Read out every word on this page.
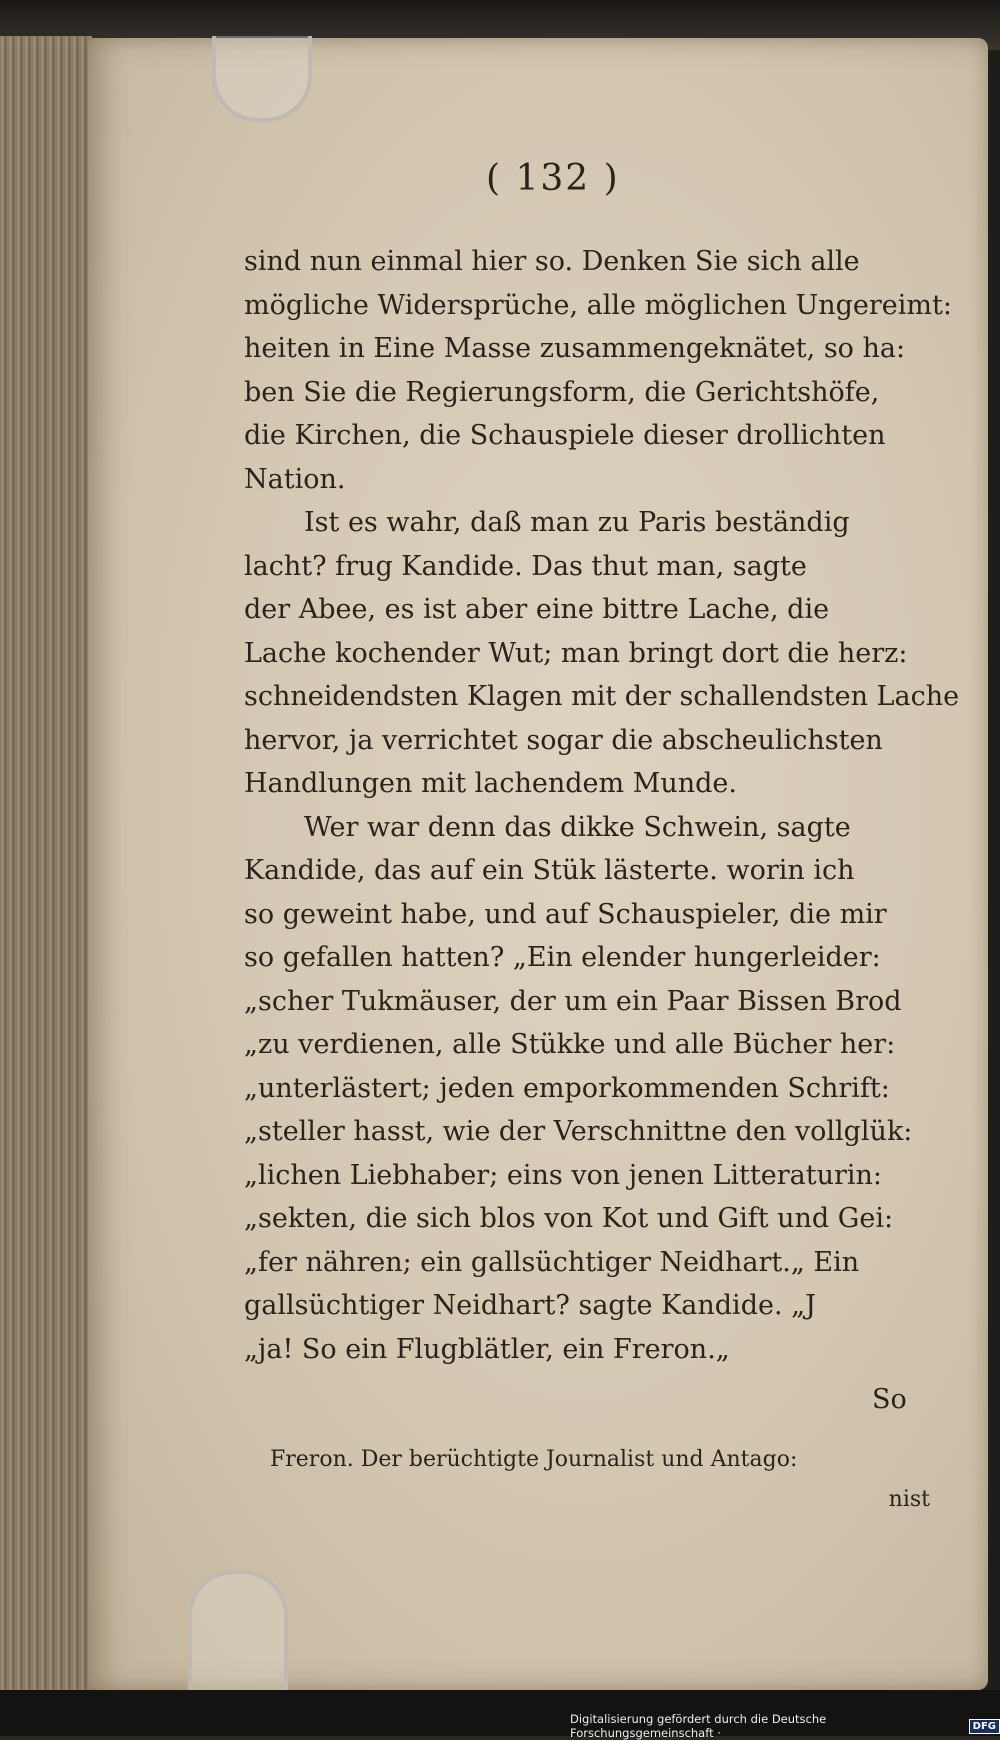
( 132 )
sind nun einmal hier so. Denken Sie sich alle
mögliche Widersprüche, alle möglichen Ungereimt:
heiten in Eine Masse zusammengeknätet, so ha:
ben Sie die Regierungsform, die Gerichtshöfe,
die Kirchen, die Schauspiele dieser drollichten
Nation.
Ist es wahr, daß man zu Paris beständig
lacht? frug Kandide. Das thut man, sagte
der Abee, es ist aber eine bittre Lache, die
Lache kochender Wut; man bringt dort die herz:
schneidendsten Klagen mit der schallendsten Lache
hervor, ja verrichtet sogar die abscheulichsten
Handlungen mit lachendem Munde.
Wer war denn das dikke Schwein, sagte
Kandide, das auf ein Stük lästerte. worin ich
so geweint habe, und auf Schauspieler, die mir
so gefallen hatten? „Ein elender hungerleider:
„scher Tukmäuser, der um ein Paar Bissen Brod
„zu verdienen, alle Stükke und alle Bücher her:
„unterlästert; jeden emporkommenden Schrift:
„steller hasst, wie der Verschnittne den vollglük:
„lichen Liebhaber; eins von jenen Litteraturin:
„sekten, die sich blos von Kot und Gift und Gei:
„fer nähren; ein gallsüchtiger Neidhart.„ Ein
gallsüchtiger Neidhart? sagte Kandide. „J
„ja! So ein Flugblätler, ein Freron.„
So
Freron. Der berüchtigte Journalist und Antago:
nist
Digitalisierung gefördert durch die Deutsche Forschungsgemeinschaft ·	DFG
